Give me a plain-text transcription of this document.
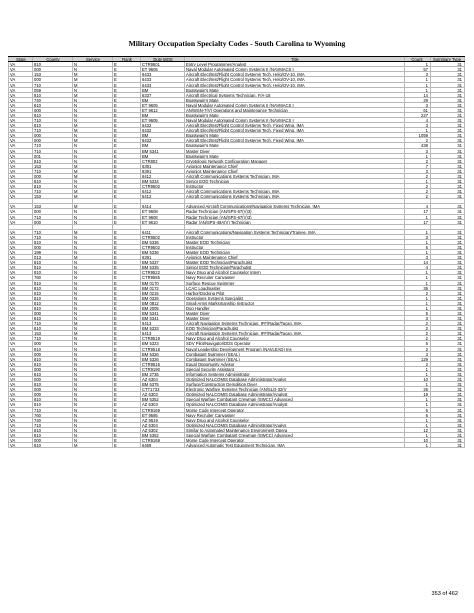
Military Occupation Specialty Codes - South Carolina to Wyoming
State	County	Service	Rank	Duty MOS	Title	Count	Summary Type
VA	810	N	E	CTR9501	Entry Level Programmer/Analyst	1	31
VA	000	N	E	ET 9605	Naval Modular Automated Comm Systems II (NAVMACS I	57	31
VA	153	M	E	6433	Aircraft Elect/Inst/Flight Control Systems Tech, Helo/OV-10, IMA	3	31
VA	000	M	E	6433	Aircraft Elect/Inst/Flight Control Systems Tech, Helo/OV-10, IMA	1	31
VA	710	M	E	6433	Aircraft Elect/Inst/Flight Control Systems Tech, Helo/OV-10, IMA	1	31
VA	059	N	E	BM	Boatswain's Mate	1	31
VA	810	M	E	6337	Aircraft Electrical Systems Technician, F/A-18	14	31
VA	740	N	E	BM	Boatswain's Mate	29	31
VA	810	N	E	ET 9605	Naval Modular Automated Comm Systems II (NAVMACS I	3	31
VA	000	N	E	ET 9612	AN/WSN-7(V) Operations and Maintenance Technician	61	31
VA	810	N	E	BM	Boatswain's Mate	227	31
VA	710	N	E	ET 9605	Naval Modular Automated Comm Systems II (NAVMACS I	4	31
VA	810	M	E	6432	Aircraft Elect/Inst/Flight Control Systems Tech, Fixed Wing, IMA	3	31
VA	710	M	E	6432	Aircraft Elect/Inst/Flight Control Systems Tech, Fixed Wing, IMA	1	31
VA	000	N	E	BM	Boatswain's Mate	1059	31
VA	000	M	E	6432	Aircraft Elect/Inst/Flight Control Systems Tech, Fixed Wing, IMA	2	31
VA	710	N	E	BM	Boatswain's Mate	438	31
VA	710	N	E	BM 5341	Master Diver	3	31
VA	001	N	E	BM	Boatswain's Mate	1	31
VA	810	N	E	CTR802	Cryptologic Network Configuration Manager	2	31
VA	153	M	E	6391	Avionics Maintenance Chief	7	31
VA	710	M	E	6391	Avionics Maintenance Chief	3	31
VA	000	M	E	6412	Aircraft Communications Systems Technician, IMA	2	31
VA	810	N	E	BM 5334	Senior EOD Technician	1	31
VA	810	N	E	CTR9502	Instructor	2	31
VA	710	M	E	6412	Aircraft Communications Systems Technician, IMA	2	31
VA	153	M	E	6412	Aircraft Communications Systems Technician, IMA	2	31
VA	153	M	E	6414	Advanced Aircraft Communications/Navigation Systems Technician, IMA	4	31
VA	000	N	E	ET 9608	Radar Technician (AN/SPS-67(V)3)	17	31
VA	710	N	E	ET 9608	Radar Technician (AN/SPS-67(V)3)	1	31
VA	000	N	E	ET 9610	Radar (AN/SPS-49A(V) Technician	17	31
VA	710	M	E	6411	Aircraft Communications/Navigation Systems Technician/Trainee, IMA	1	31
VA	710	N	E	CTR9502	Instructor	3	31
VA	810	N	E	BM 5336	Master EOD Technician	1	31
VA	000	N	E	CTR9502	Instructor	5	31
VA	199	N	E	BM 5336	Master EOD Technician	1	31
VA	013	M	E	6391	Avionics Maintenance Chief	3	31
VA	810	N	E	BM 5337	Master EOD Technician/Parachutist	14	31
VA	810	N	E	BM 5335	Senior EOD Technician/Parachutist	4	31
VA	810	N	E	CTR9522	Navy Drug and Alcohol Counselor Intern	1	31
VA	760	N	E	CTR9585	Navy Recruiter Canvasser	1	31
VA	810	N	E	BM 0170	Surface Rescue Swimmer	1	31
VA	810	N	E	BM 0172	LCAC Loadmaster	36	31
VA	810	N	E	BM 0215	Harbor/Docking Pilot	2	31
VA	810	N	E	BM 0326	Operations Systems Specialist	1	31
VA	810	N	E	BM 0812	Small Arms Marksmanship Instructor	1	31
VA	810	N	E	BM 2005	Dog Handler	1	31
VA	000	N	E	BM 5341	Master Diver	5	31
VA	810	N	E	BM 5341	Master Diver	3	31
VA	710	M	E	6413	Aircraft Navigation Systems Technician, IFF/Radar/Tacan, IMA	2	31
VA	810	N	E	BM 5333	EOD Technician/Parachutist	2	31
VA	153	M	E	6413	Aircraft Navigation Systems Technician, IFF/Radar/Tacan, IMA	2	31
VA	710	N	E	CTR9519	Navy Drug and Alcohol Counselor	2	31
VA	000	N	E	BM 5323	SDV Pilot/Navigator/DDS Operator	5	31
VA	810	N	E	CTR9518	Naval Leadership Development Program (NAVLEAD) Ins	2	31
VA	000	N	E	BM 5326	Combatant Swimmer (SEAL)	3	31
VA	810	N	E	BM 5326	Combatant Swimmer (SEAL)	129	31
VA	810	N	E	CTR9515	Equal Opportunity Advisor	2	31
VA	000	N	E	CTR9190	Special Security Assistant	1	31
VA	810	N	E	BM 2735	Information Systems Administrator	1	31
VA	000	N	E	AZ 6304	Optimized NALCOMIS Database Administrator/Analys	10	31
VA	810	N	E	BM 5375	Surface/Construction Demolition Diver	1	31
VA	000	N	E	CTT1733	Electronic Warfare Systems Technician (AN/SLQ-32(V	26	31
VA	000	N	E	AZ 6303	Optimized NALCOMIS Database Administrator/Analyst	19	31
VA	810	N	E	BM 5352	Special Warfare Combatant Crewman (SWCC) Advanced	1	31
VA	810	N	E	AZ 6303	Optimized NALCOMIS Database Administrator/Analyst	1	31
VA	710	N	E	CTR9169	Morse Code Intercept Operator	6	31
VA	760	N	E	ET 9585	Navy Recruiter Canvasser	6	31
VA	740	N	E	AZ 9519	Navy Drug and Alcohol Counselor	1	31
VA	710	N	E	AZ 6304	Optimized NALCOMIS Database Administrator/Analys	1	31
VA	810	N	E	AZ 6302	Similar to Automated Maintenance Environment Opera	12	31
VA	810	N	E	BM 5352	Special Warfare Combatant Crewman (SWCC) Advanced	1	31
VA	000	N	E	CTR9169	Morse Code Intercept Operator	10	31
VA	810	M	E	6469	Advanced Automatic Test Equipment Technician, IMA	1	31
353 of 462
